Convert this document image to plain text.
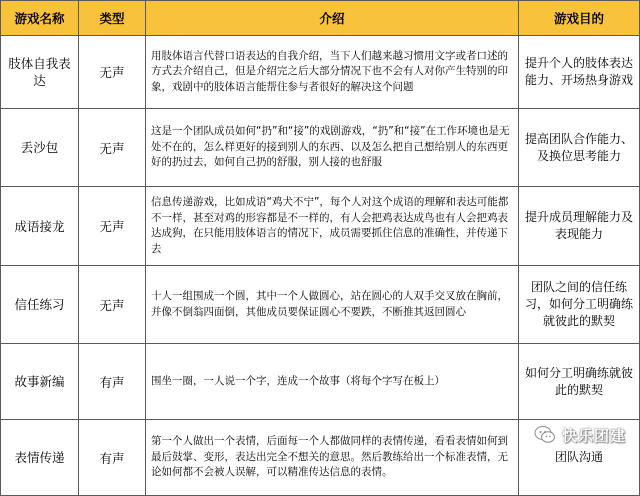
游戏名称	类型	介绍	游戏目的
肢体自我表达	无声	用肢体语言代替口语表达的自我介绍，当下人们越来越习惯用文字或者口述的方式去介绍自己，但是介绍完之后大部分情况下也不会有人对你产生特别的印象，戏剧中的肢体语言能帮住参与者很好的解决这个问题	提升个人的肢体表达能力、开场热身游戏
丢沙包	无声	这是一个团队成员如何“扔”和“接”的戏剧游戏，“扔”和“接”在工作环境也是无处不在的，怎么样更好的接到别人的东西、以及怎么把自己想给别人的东西更好的扔过去，如何自己扔的舒服，别人接的也舒服	提高团队合作能力、及换位思考能力
成语接龙	无声	信息传递游戏，比如成语“鸡犬不宁”，每个人对这个成语的理解和表达可能都不一样，甚至对鸡的形容都是不一样的，有人会把鸡表达成鸟也有人会把鸡表达成狗，在只能用肢体语言的情况下，成员需要抓住信息的准确性，并传递下去	提升成员理解能力及表现能力
信任练习	无声	十人一组围成一个圆，其中一个人做圆心，站在圆心的人双手交叉放在胸前，并像不倒翁四面倒，其他成员要保证圆心不要跌，不断推其返回圆心	团队之间的信任练习，如何分工明确练就彼此的默契
故事新编	有声	围坐一圈，一人说一个字，连成一个故事（将每个字写在板上）	如何分工明确练就彼此的默契
表情传递	有声	第一个人做出一个表情，后面每一个人都做同样的表情传递，看看表情如何到最后鼓掌、变形，表达出完全不想关的意思。然后教练给出一个标准表情，无论如何都不会被人误解，可以精准传达信息的表情。	团队沟通
快乐团建
